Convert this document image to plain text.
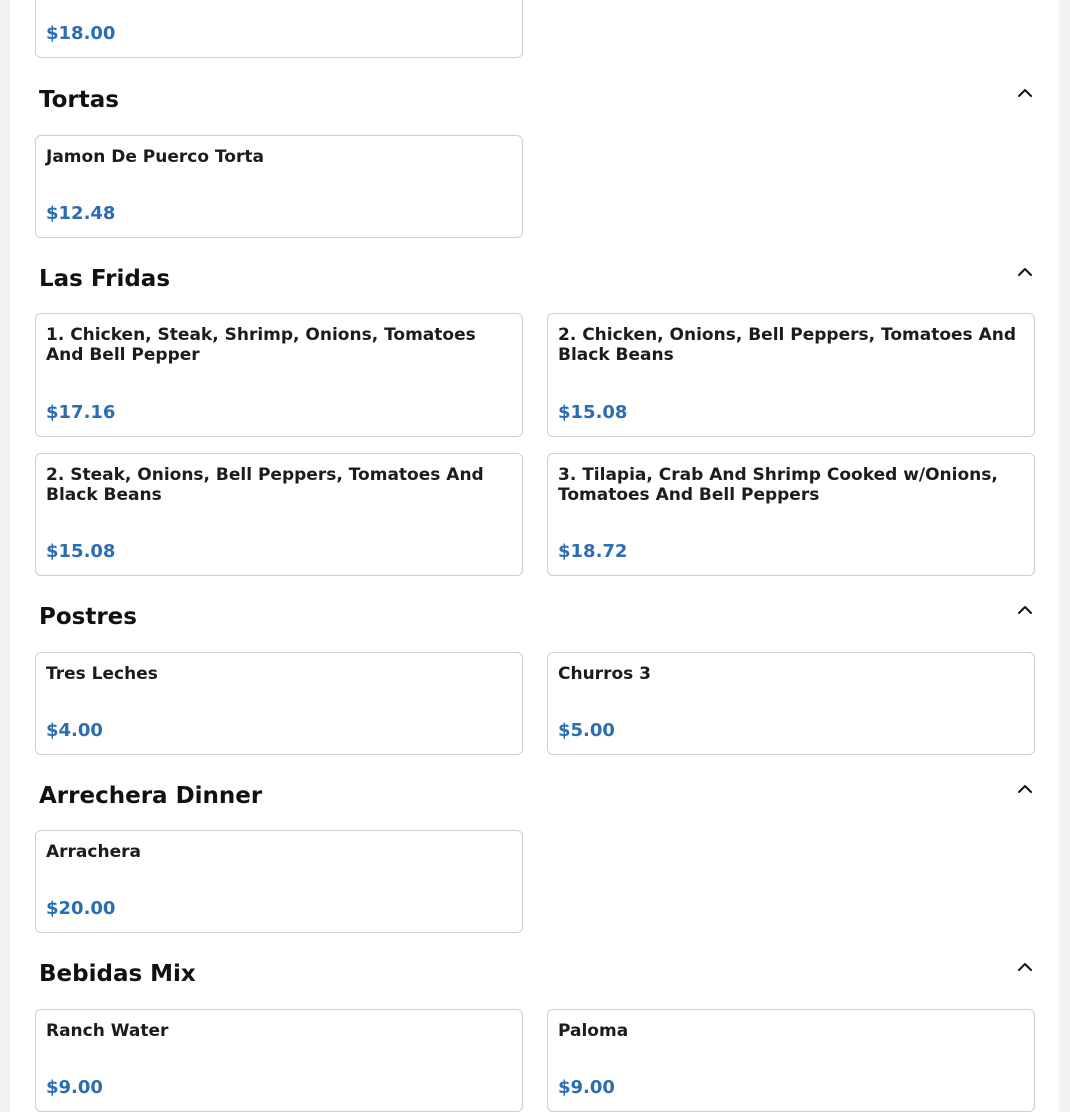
$18.00
Tortas
Jamon De Puerco Torta
$12.48
Las Fridas
1. Chicken, Steak, Shrimp, Onions, Tomatoes And Bell Pepper
$17.16
2. Chicken, Onions, Bell Peppers, Tomatoes And Black Beans
$15.08
2. Steak, Onions, Bell Peppers, Tomatoes And Black Beans
$15.08
3. Tilapia, Crab And Shrimp Cooked w/Onions, Tomatoes And Bell Peppers
$18.72
Postres
Tres Leches
$4.00
Churros 3
$5.00
Arrechera Dinner
Arrachera
$20.00
Bebidas Mix
Ranch Water
$9.00
Paloma
$9.00
